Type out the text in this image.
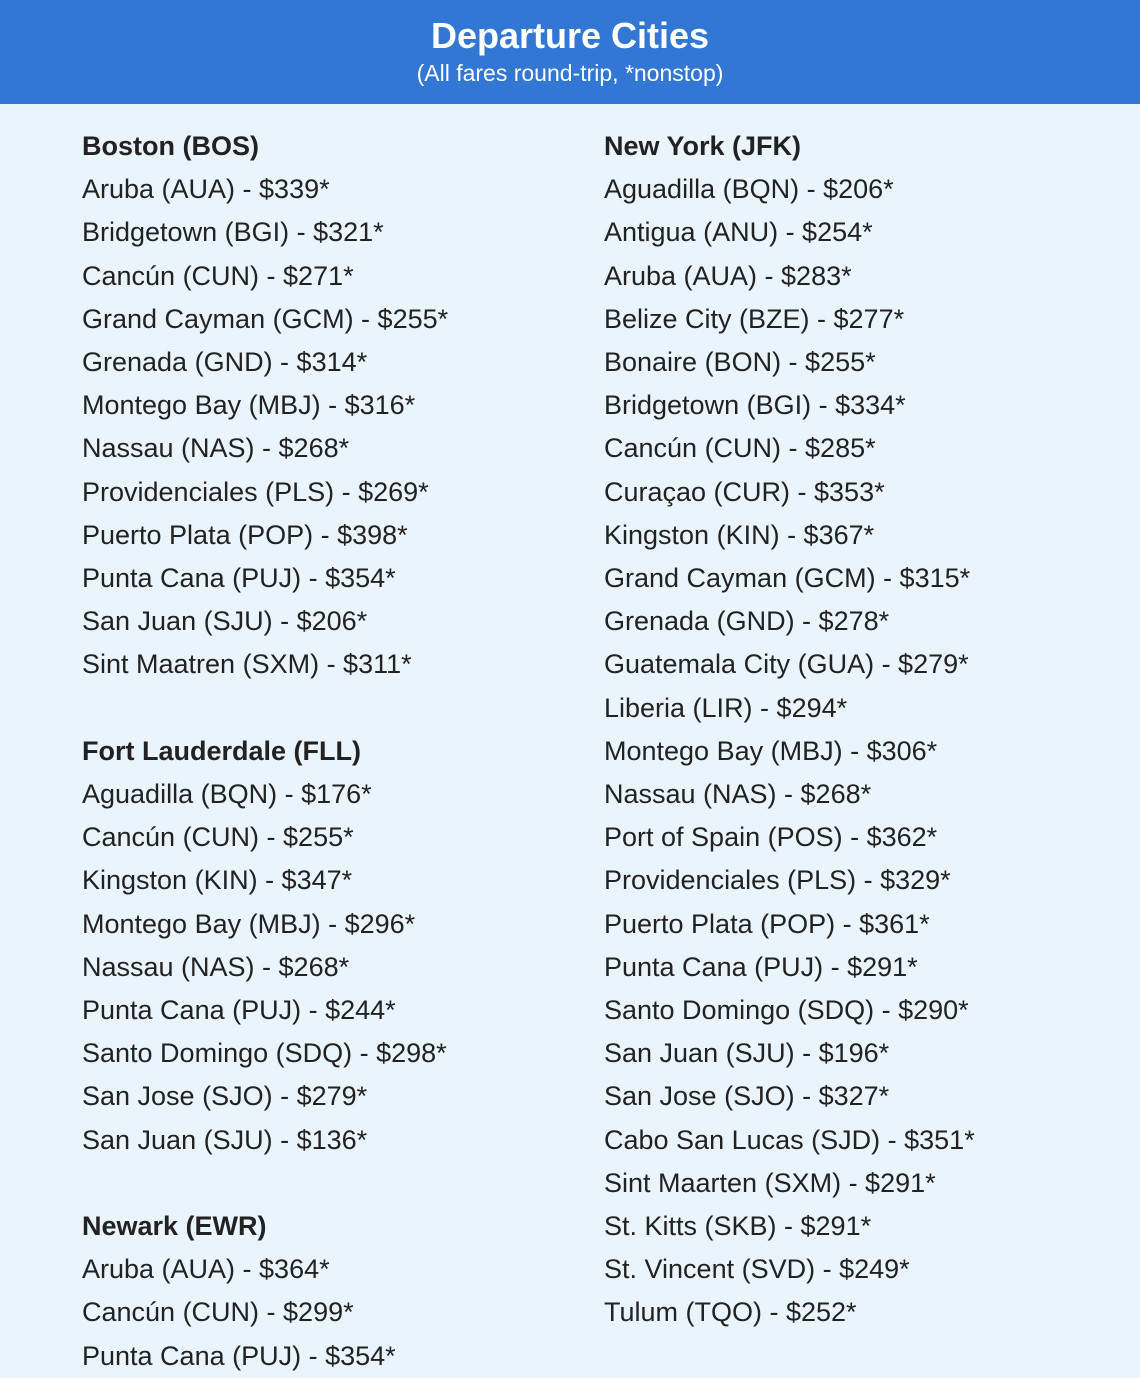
Departure Cities
(All fares round-trip, *nonstop)
Boston (BOS)
Aruba (AUA) - $339*
Bridgetown (BGI) - $321*
Cancún (CUN) - $271*
Grand Cayman (GCM) - $255*
Grenada (GND) - $314*
Montego Bay (MBJ) - $316*
Nassau (NAS) - $268*
Providenciales (PLS) - $269*
Puerto Plata (POP) - $398*
Punta Cana (PUJ) - $354*
San Juan (SJU) - $206*
Sint Maatren (SXM) - $311*
Fort Lauderdale (FLL)
Aguadilla (BQN) - $176*
Cancún (CUN) - $255*
Kingston (KIN) - $347*
Montego Bay (MBJ) - $296*
Nassau (NAS) - $268*
Punta Cana (PUJ) - $244*
Santo Domingo (SDQ) - $298*
San Jose (SJO) - $279*
San Juan (SJU) - $136*
Newark (EWR)
Aruba (AUA) - $364*
Cancún (CUN) - $299*
Punta Cana (PUJ) - $354*
New York (JFK)
Aguadilla (BQN) - $206*
Antigua (ANU) - $254*
Aruba (AUA) - $283*
Belize City (BZE) - $277*
Bonaire (BON) - $255*
Bridgetown (BGI) - $334*
Cancún (CUN) - $285*
Curaçao (CUR) - $353*
Kingston (KIN) - $367*
Grand Cayman (GCM) - $315*
Grenada (GND) - $278*
Guatemala City (GUA) - $279*
Liberia (LIR) - $294*
Montego Bay (MBJ) - $306*
Nassau (NAS) - $268*
Port of Spain (POS) - $362*
Providenciales (PLS) - $329*
Puerto Plata (POP) - $361*
Punta Cana (PUJ) - $291*
Santo Domingo (SDQ) - $290*
San Juan (SJU) - $196*
San Jose (SJO) - $327*
Cabo San Lucas (SJD) - $351*
Sint Maarten (SXM) - $291*
St. Kitts (SKB) - $291*
St. Vincent (SVD) - $249*
Tulum (TQO) - $252*
